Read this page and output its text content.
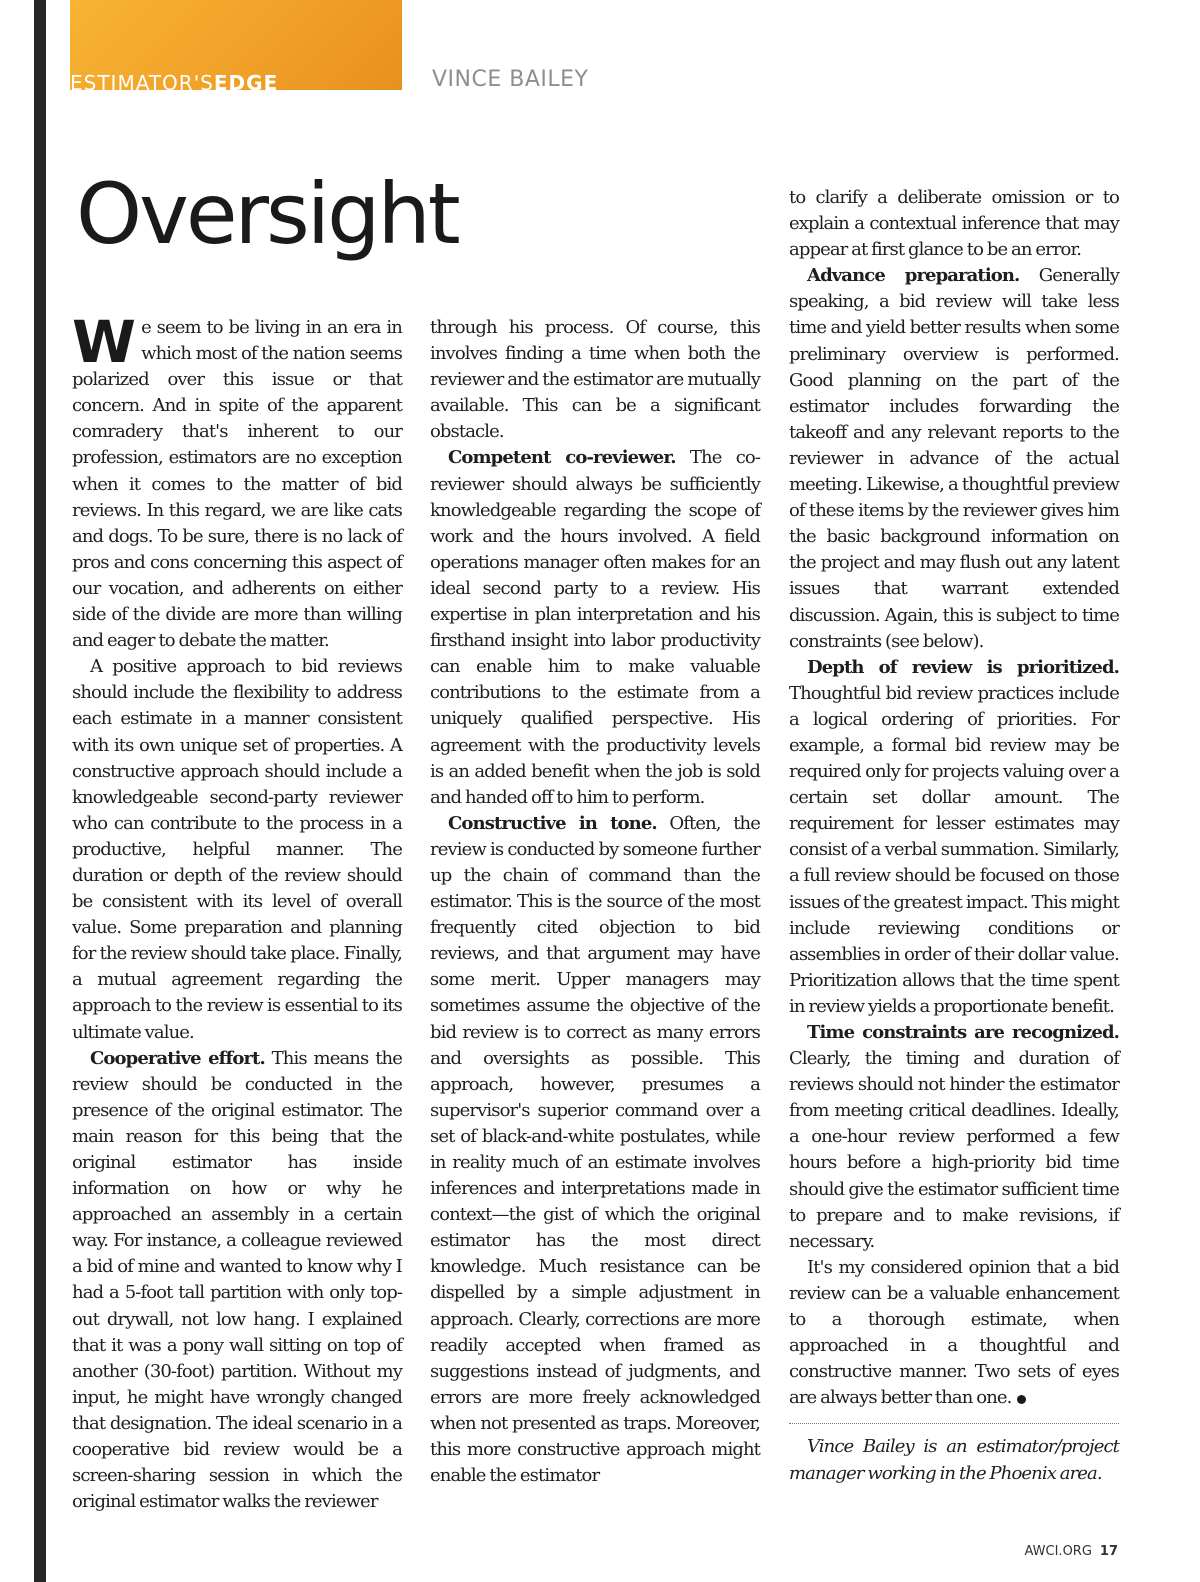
ESTIMATOR'SEDGE	VINCE BAILEY
Oversight

We seem to be living in an era in which most of the nation seems polarized over this issue or that concern. And in spite of the apparent comradery that's inherent to our profession, estimators are no exception when it comes to the matter of bid reviews. In this regard, we are like cats and dogs. To be sure, there is no lack of pros and cons concerning this aspect of our vocation, and adherents on either side of the divide are more than willing and eager to debate the matter.

A positive approach to bid reviews should include the flexibility to address each estimate in a manner consistent with its own unique set of properties. A constructive approach should include a knowledgeable second-party reviewer who can contribute to the process in a productive, helpful manner. The duration or depth of the review should be consistent with its level of overall value. Some preparation and planning for the review should take place. Finally, a mutual agreement regarding the approach to the review is essential to its ultimate value.

Cooperative effort. This means the review should be conducted in the presence of the original estimator. The main reason for this being that the original estimator has inside information on how or why he approached an assembly in a certain way. For instance, a colleague reviewed a bid of mine and wanted to know why I had a 5-foot tall partition with only top-out drywall, not low hang. I explained that it was a pony wall sitting on top of another (30-foot) partition. Without my input, he might have wrongly changed that designation. The ideal scenario in a cooperative bid review would be a screen-sharing session in which the original estimator walks the reviewer

through his process. Of course, this involves finding a time when both the reviewer and the estimator are mutually available. This can be a significant obstacle.

Competent co-reviewer. The co-reviewer should always be sufficiently knowledgeable regarding the scope of work and the hours involved. A field operations manager often makes for an ideal second party to a review. His expertise in plan interpretation and his firsthand insight into labor productivity can enable him to make valuable contributions to the estimate from a uniquely qualified perspective. His agreement with the productivity levels is an added benefit when the job is sold and handed off to him to perform.

Constructive in tone. Often, the review is conducted by someone further up the chain of command than the estimator. This is the source of the most frequently cited objection to bid reviews, and that argument may have some merit. Upper managers may sometimes assume the objective of the bid review is to correct as many errors and oversights as possible. This approach, however, presumes a supervisor's superior command over a set of black-and-white postulates, while in reality much of an estimate involves inferences and interpretations made in context—the gist of which the original estimator has the most direct knowledge. Much resistance can be dispelled by a simple adjustment in approach. Clearly, corrections are more readily accepted when framed as suggestions instead of judgments, and errors are more freely acknowledged when not presented as traps. Moreover, this more constructive approach might enable the estimator

to clarify a deliberate omission or to explain a contextual inference that may appear at first glance to be an error.

Advance preparation. Generally speaking, a bid review will take less time and yield better results when some preliminary overview is performed. Good planning on the part of the estimator includes forwarding the takeoff and any relevant reports to the reviewer in advance of the actual meeting. Likewise, a thoughtful preview of these items by the reviewer gives him the basic background information on the project and may flush out any latent issues that warrant extended discussion. Again, this is subject to time constraints (see below).

Depth of review is prioritized. Thoughtful bid review practices include a logical ordering of priorities. For example, a formal bid review may be required only for projects valuing over a certain set dollar amount. The requirement for lesser estimates may consist of a verbal summation. Similarly, a full review should be focused on those issues of the greatest impact. This might include reviewing conditions or assemblies in order of their dollar value. Prioritization allows that the time spent in review yields a proportionate benefit.

Time constraints are recognized. Clearly, the timing and duration of reviews should not hinder the estimator from meeting critical deadlines. Ideally, a one-hour review performed a few hours before a high-priority bid time should give the estimator sufficient time to prepare and to make revisions, if necessary.

It's my considered opinion that a bid review can be a valuable enhancement to a thorough estimate, when approached in a thoughtful and constructive manner. Two sets of eyes are always better than one.

Vince Bailey is an estimator/project manager working in the Phoenix area.

AWCI.ORG 17
